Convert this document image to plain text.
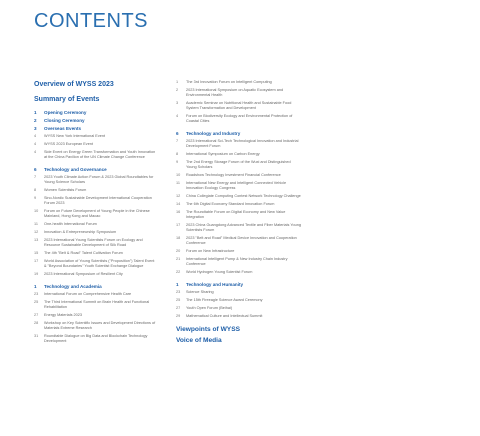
CONTENTS
Overview of WYSS 2023
Summary of Events
1	Opening Ceremony
2	Closing Ceremony
3	Overseas Events
4	WYSS New York International Event
4	WYSS 2023 European Event
4	Side Event on Energy Green Transformation and Youth Innovation at the China Pavilion of the UN Climate Change Conference
6	Technology and Governance
7	2023 Youth Climate Action Forum & 2023 Global Roundtables for Young Science Scholars
8	Women Scientists Forum
9	Sino-Nordic Sustainable Development International Cooperation Forum 2023
10	Forum on Future Development of Young People in the Chinese Mainland, Hong Kong and Macao
11	One-health International Forum
12	Innovation & Entrepreneurship Symposium
13	2023 International Young Scientists Forum on Ecology and Resource Sustainable Development of Silk Road
15	The 4th "Belt & Road" Talent Cultivation Forum
17	World Association of Young Scientists ("Proposition") Talent Event & "Beyond Boundaries" Youth Scientist Exchange Dialogue
19	2023 International Symposium of Resilient City
1	Technology and Academia
23	International Forum on Comprehensive Health Care
25	The Third International Summit on Brain Health and Functional Rehabilitation
27	Energy Materials 2023
28	Workshop on Key Scientific Issues and Development Directions of Materials Extreme Research
31	Roundtable Dialogue on Big Data and Blockchain Technology Development
1	The 3rd Innovation Forum on Intelligent Computing
2	2023 International Symposium on Aquatic Ecosystem and Environmental Health
3	Academic Seminar on Nutritional Health and Sustainable Food System Transformation and Development
4	Forum on Biodiversity Ecology and Environmental Protection of Coastal Cities
6	Technology and Industry
7	2023 International Sci-Tech Technological Innovation and Industrial Development Forum
8	International Symposium on Carbon Energy
9	The 2nd Energy Storage Forum of the Wuxi and Distinguished Young Scholars
10	Roadshow Technology Investment Financial Conference
11	International New Energy and Intelligent Connected Vehicle Innovation Ecology Congress
12	China Collegiate Computing Contest Network Technology Challenge
14	The 6th Digital Economy Standard Innovation Forum
16	The Roundtable Forum on Digital Economy and New Value Integration
17	2023 China Guangdong Advanced Textile and Fiber Materials Young Scientists Forum
18	2023 "Belt and Road" Medical Device Innovation and Cooperation Conference
20	Forum on New Infrastructure
21	International Intelligent Pump & New Industry Chain Industry Conference
22	World Hydrogen Young Scientist Forum
1	Technology and Humanity
23	Science Sharing
25	The 15th Fireeagle Science Award Ceremony
27	Youth Open Forum (Beihai)
29	Mathematical Culture and Intellectual Summit
Viewpoints of WYSS
Voice of Media
